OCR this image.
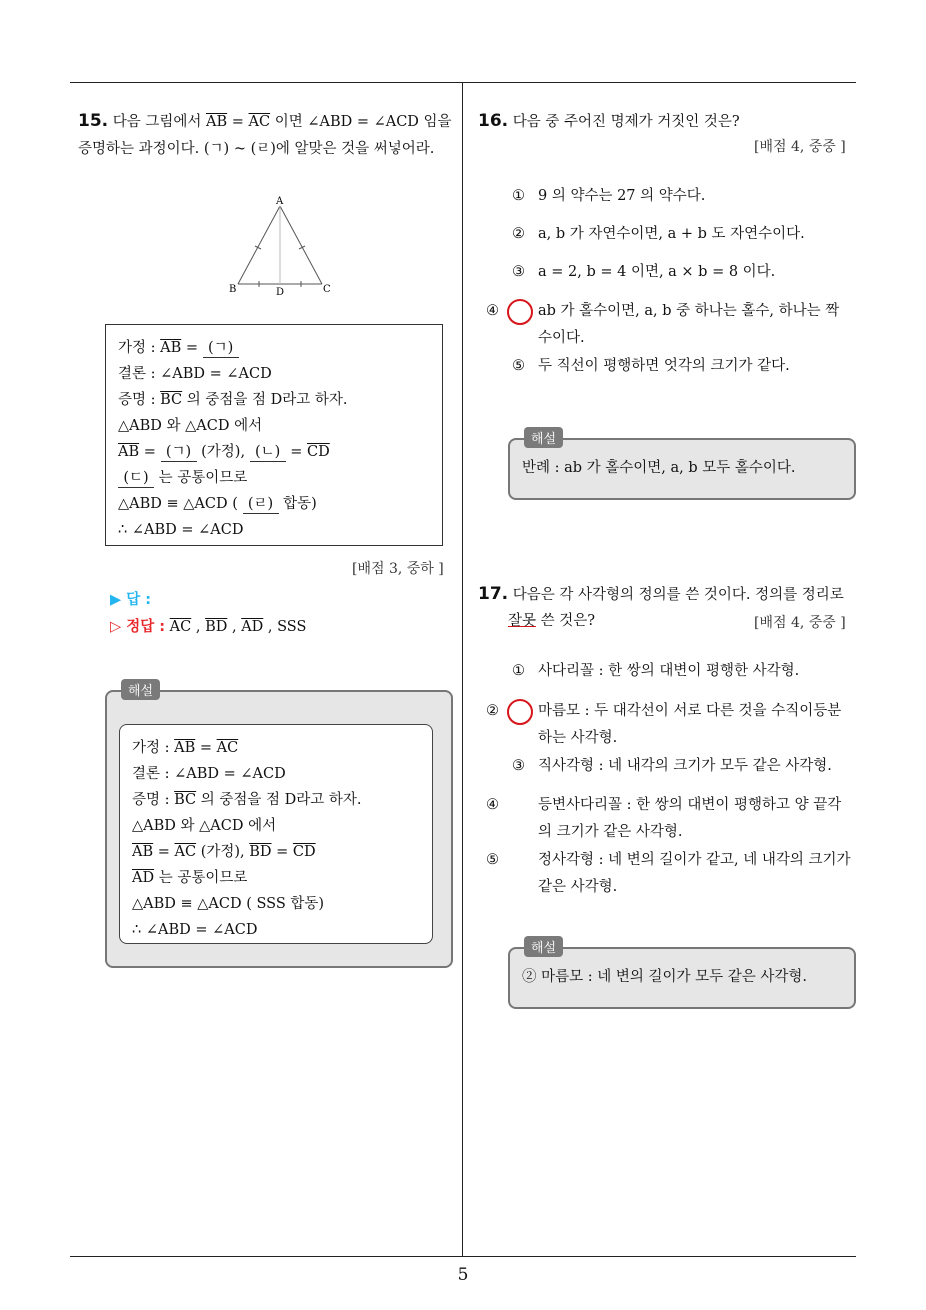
15. 다음 그림에서 $\overline{AB} = \overline{AC}$ 이면 ∠ABD = ∠ACD 임을 증명하는 과정이다. (ㄱ) ~ (ㄹ)에 알맞은 것을 써넣어라.
A
B	C
D
가정 : $\overline{AB}$ = (ㄱ)
결론 : ∠ABD = ∠ACD
증명 : $\overline{BC}$ 의 중점을 점 D라고 하자.
△ABD 와 △ACD 에서
$\overline{AB}$ = (ㄱ) (가정), (ㄴ) = $\overline{CD}$
(ㄷ) 는 공통이므로
△ABD ≡ △ACD ( (ㄹ) 합동)
∴ ∠ABD = ∠ACD
[배점 3, 중하 ]
▶ 답 :
▷ 정답 : $\overline{AC}$ , $\overline{BD}$ , $\overline{AD}$ , SSS
해설
가정 : $\overline{AB} = \overline{AC}$
결론 : ∠ABD = ∠ACD
증명 : $\overline{BC}$ 의 중점을 점 D라고 하자.
△ABD 와 △ACD 에서
$\overline{AB} = \overline{AC}$ (가정), $\overline{BD} = \overline{CD}$
$\overline{AD}$ 는 공통이므로
△ABD ≡ △ACD ( SSS 합동)
∴ ∠ABD = ∠ACD
16. 다음 중 주어진 명제가 거짓인 것은?
[배점 4, 중중 ]
① 9 의 약수는 27 의 약수다.
② a, b 가 자연수이면, a + b 도 자연수이다.
③ a = 2, b = 4 이면, a × b = 8 이다.
④	ab 가 홀수이면, a, b 중 하나는 홀수, 하나는 짝수이다.
⑤ 두 직선이 평행하면 엇각의 크기가 같다.
해설
반례 : ab 가 홀수이면, a, b 모두 홀수이다.
17. 다음은 각 사각형의 정의를 쓴 것이다. 정의를 정리로
잘못 쓴 것은?	[배점 4, 중중 ]
① 사다리꼴 : 한 쌍의 대변이 평행한 사각형.
②	마름모 : 두 대각선이 서로 다른 것을 수직이등분하는 사각형.
③ 직사각형 : 네 내각의 크기가 모두 같은 사각형.
④	등변사다리꼴 : 한 쌍의 대변이 평행하고 양 끝각의 크기가 같은 사각형.
⑤	정사각형 : 네 변의 길이가 같고, 네 내각의 크기가 같은 사각형.
해설
② 마름모 : 네 변의 길이가 모두 같은 사각형.
5
